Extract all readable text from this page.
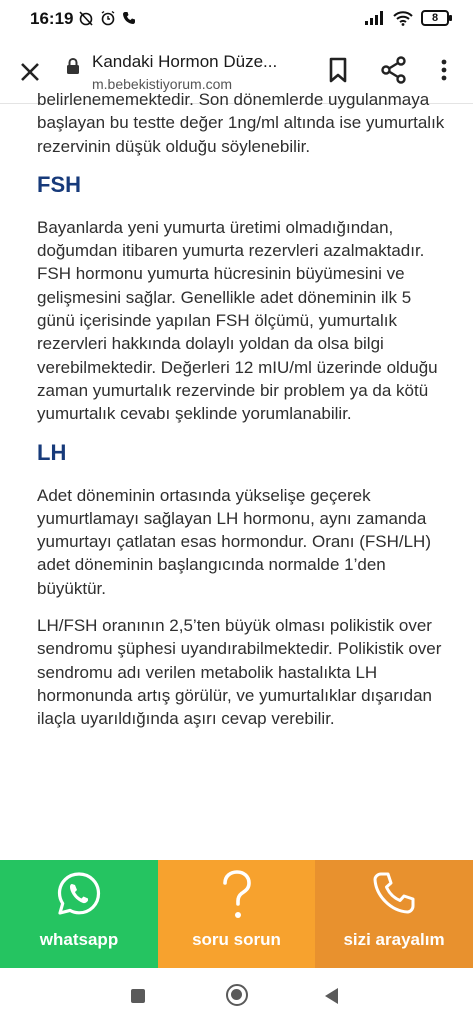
16:19	8
Kandaki Hormon Düze...
m.bebekistiyorum.com

belirlenememektedir. Son dönemlerde uygulanmaya başlayan bu testte değer 1ng/ml altında ise yumurtalık rezervinin düşük olduğu söylenebilir.

FSH

Bayanlarda yeni yumurta üretimi olmadığından, doğumdan itibaren yumurta rezervleri azalmaktadır. FSH hormonu yumurta hücresinin büyümesini ve gelişmesini sağlar. Genellikle adet döneminin ilk 5 günü içerisinde yapılan FSH ölçümü, yumurtalık rezervleri hakkında dolaylı yoldan da olsa bilgi verebilmektedir. Değerleri 12 mIU/ml üzerinde olduğu zaman yumurtalık rezervinde bir problem ya da kötü yumurtalık cevabı şeklinde yorumlanabilir.

LH

Adet döneminin ortasında yükselişe geçerek yumurtlamayı sağlayan LH hormonu, aynı zamanda yumurtayı çatlatan esas hormondur. Oranı (FSH/LH) adet döneminin başlangıcında normalde 1’den büyüktür.

LH/FSH oranının 2,5’ten büyük olması polikistik over sendromu şüphesi uyandırabilmektedir. Polikistik over sendromu adı verilen metabolik hastalıkta LH hormonunda artış görülür, ve yumurtalıklar dışarıdan ilaçla uyarıldığında aşırı cevap verebilir.

whatsapp	soru sorun	sizi arayalım
